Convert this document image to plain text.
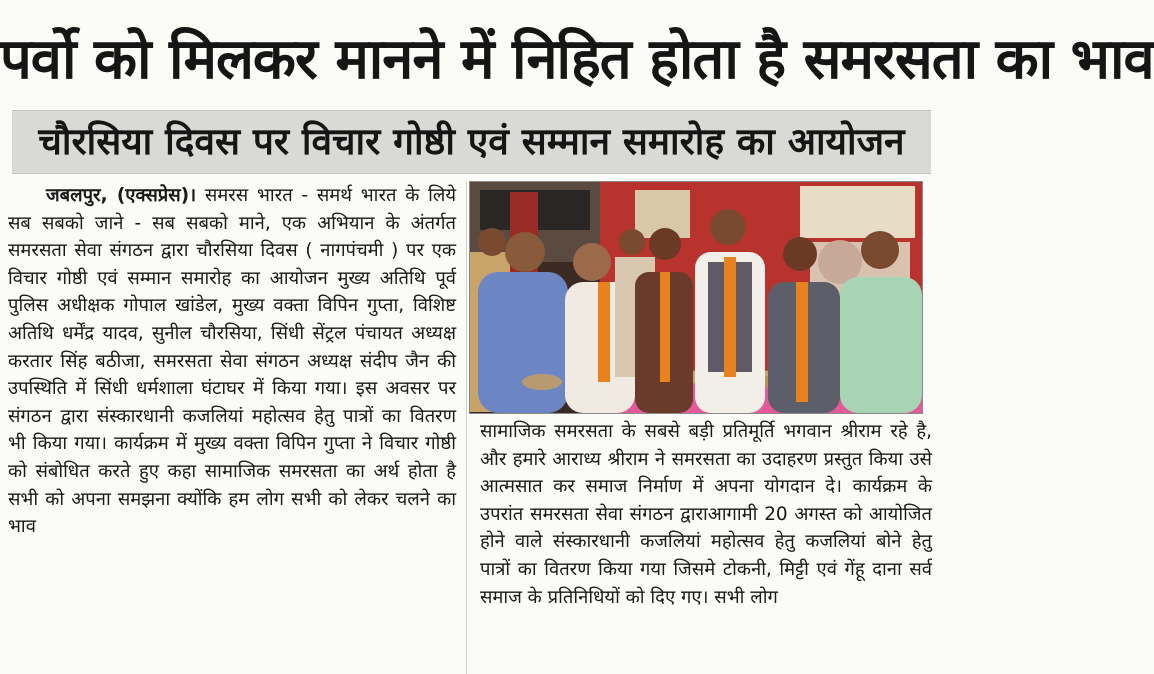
पर्वो को मिलकर मानने में निहित होता है समरसता का भाव
चौरसिया दिवस पर विचार गोष्ठी एवं सम्मान समारोह का आयोजन

जबलपुर, (एक्सप्रेस)। समरस भारत - समर्थ भारत के लिये सब सबको जाने - सब सबको माने, एक अभियान के अंतर्गत समरसता सेवा संगठन द्वारा चौरसिया दिवस ( नागपंचमी ) पर एक विचार गोष्ठी एवं सम्मान समारोह का आयोजन मुख्य अतिथि पूर्व पुलिस अधीक्षक गोपाल खांडेल, मुख्य वक्ता विपिन गुप्ता, विशिष्ट अतिथि धर्मेंद्र यादव, सुनील चौरसिया, सिंधी सेंट्रल पंचायत अध्यक्ष करतार सिंह बठीजा, समरसता सेवा संगठन अध्यक्ष संदीप जैन की उपस्थिति में सिंधी धर्मशाला घंटाघर में किया गया। इस अवसर पर संगठन द्वारा संस्कारधानी कजलियां महोत्सव हेतु पात्रों का वितरण भी किया गया। कार्यक्रम में मुख्य वक्ता विपिन गुप्ता ने विचार गोष्ठी को संबोधित करते हुए कहा सामाजिक समरसता का अर्थ होता है सभी को अपना समझना क्योंकि हम लोग सभी को लेकर चलने का भाव

सामाजिक समरसता के सबसे बड़ी प्रतिमूर्ति भगवान श्रीराम रहे है, और हमारे आराध्य श्रीराम ने समरसता का उदाहरण प्रस्तुत किया उसे आत्मसात कर समाज निर्माण में अपना योगदान दे। कार्यक्रम के उपरांत समरसता सेवा संगठन द्वाराआगामी 20 अगस्त को आयोजित होने वाले संस्कारधानी कजलियां महोत्सव हेतु कजलियां बोने हेतु पात्रों का वितरण किया गया जिसमे टोकनी, मिट्टी एवं गेंहू दाना सर्व समाज के प्रतिनिधियों को दिए गए। सभी लोग
